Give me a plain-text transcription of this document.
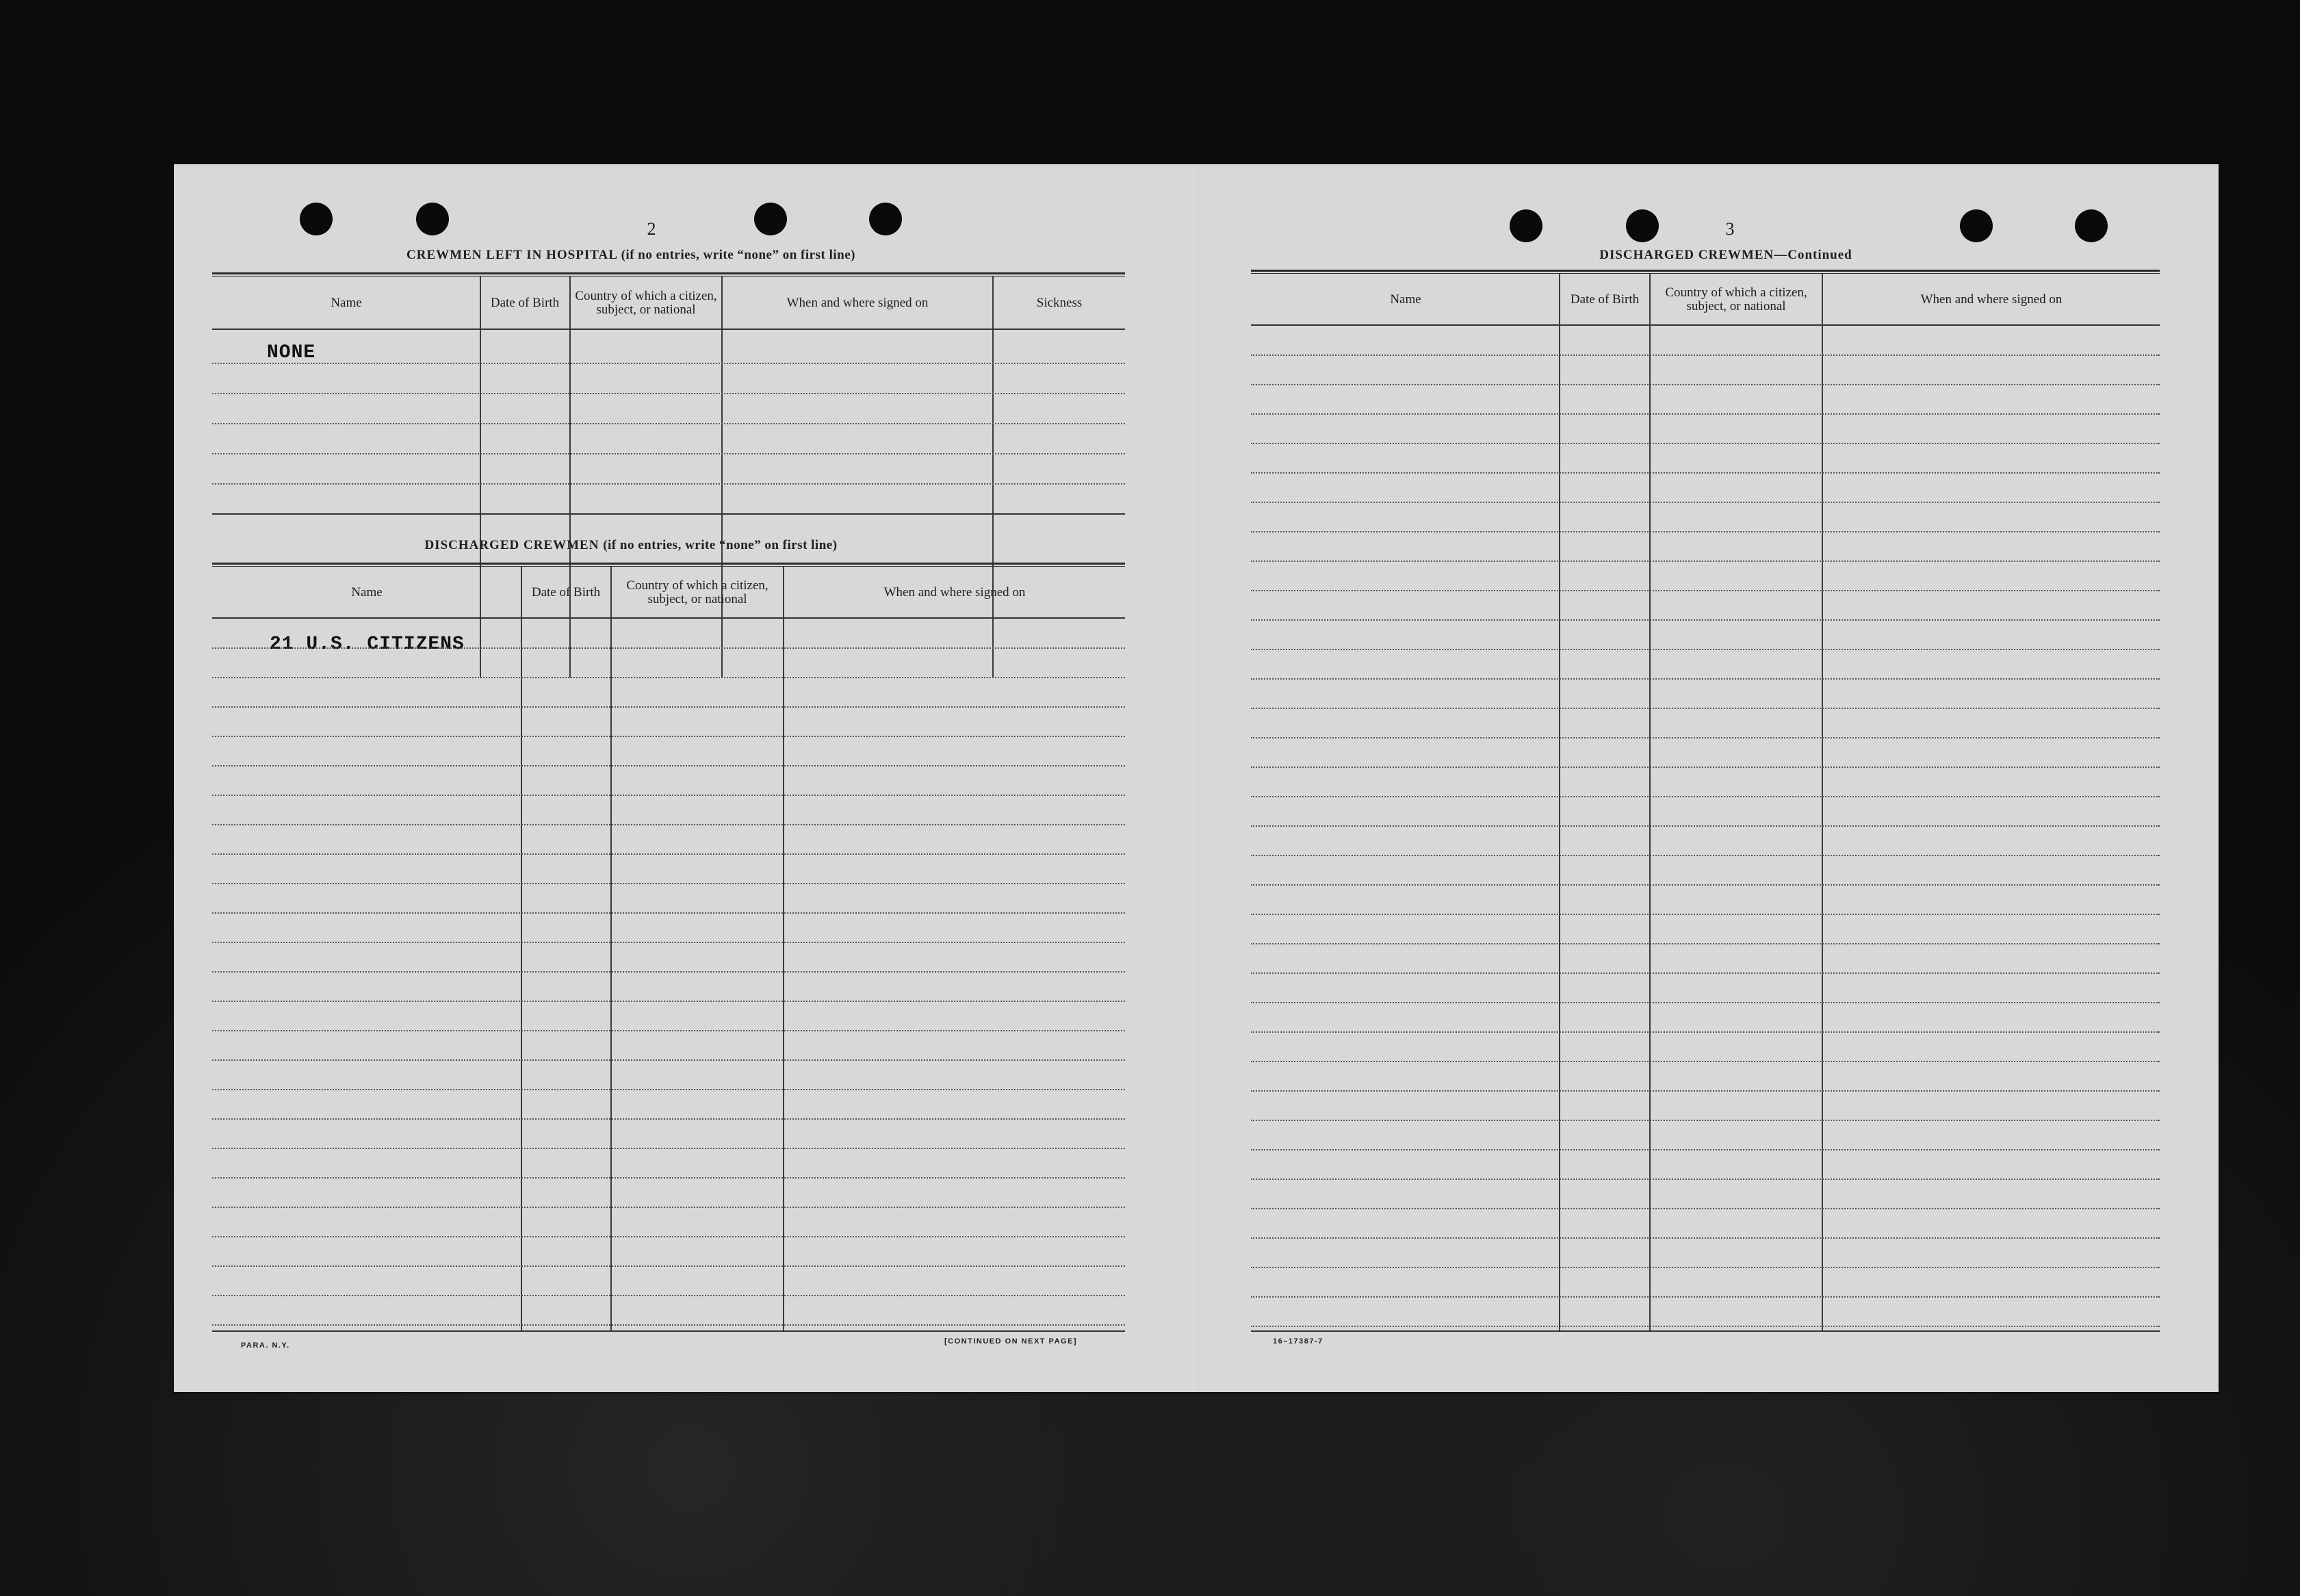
2
CREWMEN LEFT IN HOSPITAL (if no entries, write “none” on first line)
Name	Date of Birth	Country of which a citizen, subject, or national	When and where signed on	Sickness
NONE
DISCHARGED CREWMEN (if no entries, write “none” on first line)
Name	Date of Birth	Country of which a citizen, subject, or national	When and where signed on
21 U.S. CITIZENS
PARA. N.Y.	[CONTINUED ON NEXT PAGE]
3
DISCHARGED CREWMEN—Continued
Name	Date of Birth	Country of which a citizen, subject, or national	When and where signed on
16–17387-7
